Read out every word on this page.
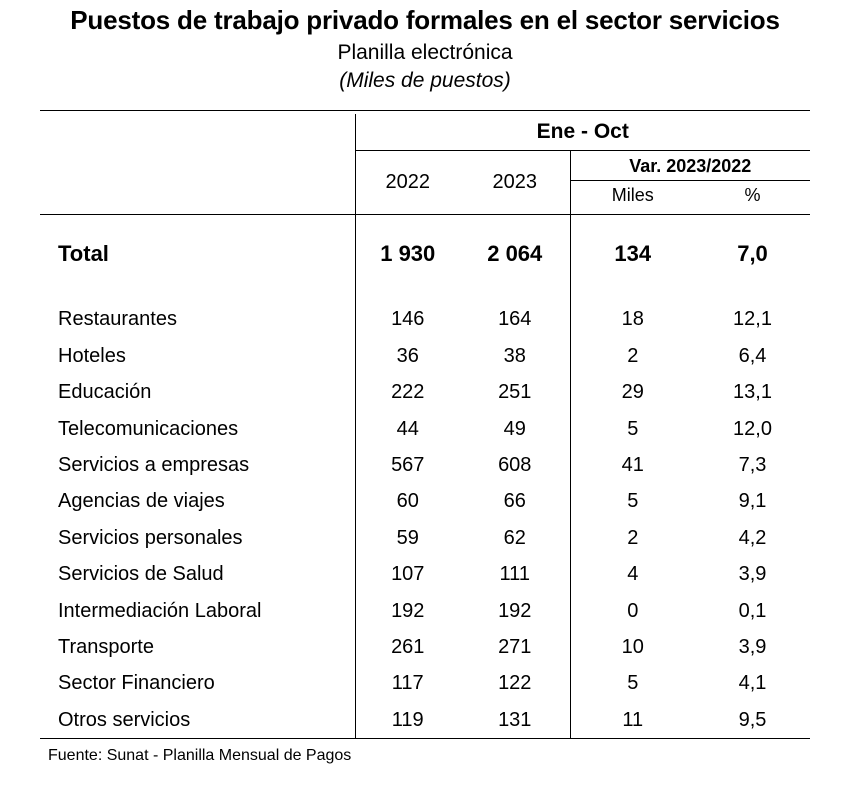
Puestos de trabajo privado formales en el sector servicios
Planilla electrónica
(Miles de puestos)

	Ene - Oct			
	2022	2023	Var. 2023/2022	
			Miles	%

Total	1 930	2 064	134	7,0

Restaurantes	146	164	18	12,1
Hoteles	36	38	2	6,4
Educación	222	251	29	13,1
Telecomunicaciones	44	49	5	12,0
Servicios a empresas	567	608	41	7,3
Agencias de viajes	60	66	5	9,1
Servicios personales	59	62	2	4,2
Servicios de Salud	107	111	4	3,9
Intermediación Laboral	192	192	0	0,1
Transporte	261	271	10	3,9
Sector Financiero	117	122	5	4,1
Otros servicios	119	131	11	9,5

Fuente: Sunat - Planilla Mensual de Pagos
